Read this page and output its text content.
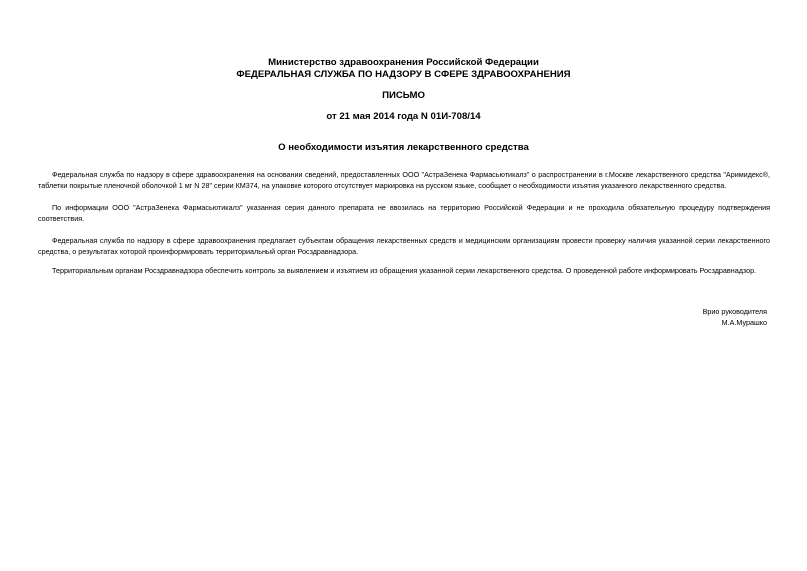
Министерство здравоохранения Российской Федерации
ФЕДЕРАЛЬНАЯ СЛУЖБА ПО НАДЗОРУ В СФЕРЕ ЗДРАВООХРАНЕНИЯ
ПИСЬМО
от 21 мая 2014 года N 01И-708/14
О необходимости изъятия лекарственного средства

Федеральная служба по надзору в сфере здравоохранения на основании сведений, предоставленных ООО "АстраЗенека Фармасьютикалз" о распространении в г.Москве лекарственного средства "Аримидекс®, таблетки покрытые пленочной оболочкой 1 мг N 28" серии КМ374, на упаковке которого отсутствует маркировка на русском языке, сообщает о необходимости изъятия указанного лекарственного средства.

По информации ООО "АстраЗенека Фармасьютикалз" указанная серия данного препарата не ввозилась на территорию Российской Федерации и не проходила обязательную процедуру подтверждения соответствия.

Федеральная служба по надзору в сфере здравоохранения предлагает субъектам обращения лекарственных средств и медицинским организациям провести проверку наличия указанной серии лекарственного средства, о результатах которой проинформировать территориальный орган Росздравнадзора.

Территориальным органам Росздравнадзора обеспечить контроль за выявлением и изъятием из обращения указанной серии лекарственного средства. О проведенной работе информировать Росздравнадзор.

Врио руководителя
М.А.Мурашко
